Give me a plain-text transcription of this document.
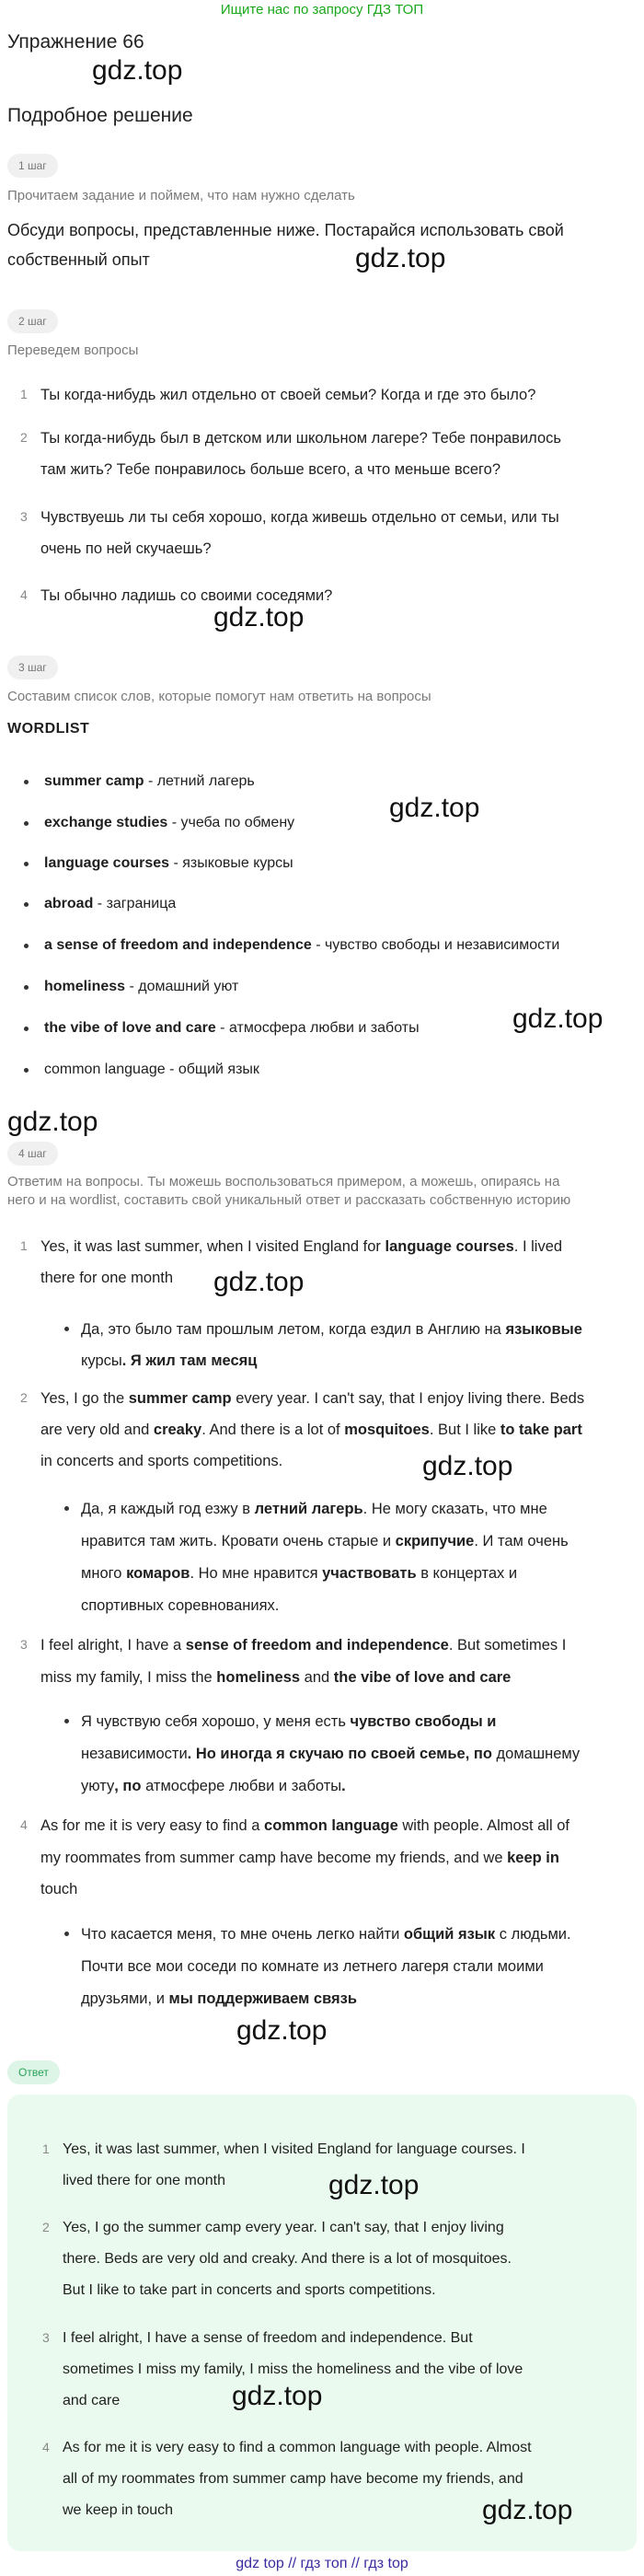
Ищите нас по запросу ГДЗ ТОП
Упражнение 66
gdz.top
Подробное решение
1 шаг
Прочитаем задание и поймем, что нам нужно сделать
Обсуди вопросы, представленные ниже. Постарайся использовать свой
собственный опыт	gdz.top
2 шаг
Переведем вопросы
1 Ты когда-нибудь жил отдельно от своей семьи? Когда и где это было?
2 Ты когда-нибудь был в детском или школьном лагере? Тебе понравилось
там жить? Тебе понравилось больше всего, а что меньше всего?
3 Чувствуешь ли ты себя хорошо, когда живешь отдельно от семьи, или ты
очень по ней скучаешь?
4 Ты обычно ладишь со своими соседями?
gdz.top
3 шаг
Составим список слов, которые помогут нам ответить на вопросы
WORDLIST
summer camp - летний лагерь
exchange studies - учеба по обмену
language courses - языковые курсы
abroad - заграница
a sense of freedom and independence - чувство свободы и независимости
homeliness - домашний уют
the vibe of love and care - атмосфера любви и заботы
common language - общий язык
gdz.top
gdz.top
gdz.top
4 шаг
Ответим на вопросы. Ты можешь воспользоваться примером, а можешь, опираясь на
него и на wordlist, составить свой уникальный ответ и рассказать собственную историю
1 Yes, it was last summer, when I visited England for language courses. I lived
there for one month
Да, это было там прошлым летом, когда ездил в Англию на языковые
курсы. Я жил там месяц
2 Yes, I go the summer camp every year. I can't say, that I enjoy living there. Beds
are very old and creaky. And there is a lot of mosquitoes. But I like to take part
in concerts and sports competitions.
Да, я каждый год езжу в летний лагерь. Не могу сказать, что мне
нравится там жить. Кровати очень старые и скрипучие. И там очень
много комаров. Но мне нравится участвовать в концертах и
спортивных соревнованиях.
3 I feel alright, I have a sense of freedom and independence. But sometimes I
miss my family, I miss the homeliness and the vibe of love and care
Я чувствую себя хорошо, у меня есть чувство свободы и
независимости. Но иногда я скучаю по своей семье, по домашнему
уюту, по атмосфере любви и заботы.
4 As for me it is very easy to find a common language with people. Almost all of
my roommates from summer camp have become my friends, and we keep in
touch
Что касается меня, то мне очень легко найти общий язык с людьми.
Почти все мои соседи по комнате из летнего лагеря стали моими
друзьями, и мы поддерживаем связь
gdz.top
gdz.top
gdz.top
Ответ
1 Yes, it was last summer, when I visited England for language courses. I
lived there for one month
2 Yes, I go the summer camp every year. I can't say, that I enjoy living
there. Beds are very old and creaky. And there is a lot of mosquitoes.
But I like to take part in concerts and sports competitions.
3 I feel alright, I have a sense of freedom and independence. But
sometimes I miss my family, I miss the homeliness and the vibe of love
and care
4 As for me it is very easy to find a common language with people. Almost
all of my roommates from summer camp have become my friends, and
we keep in touch
gdz.top
gdz.top
gdz.top
gdz top // гдз топ // гдз top
